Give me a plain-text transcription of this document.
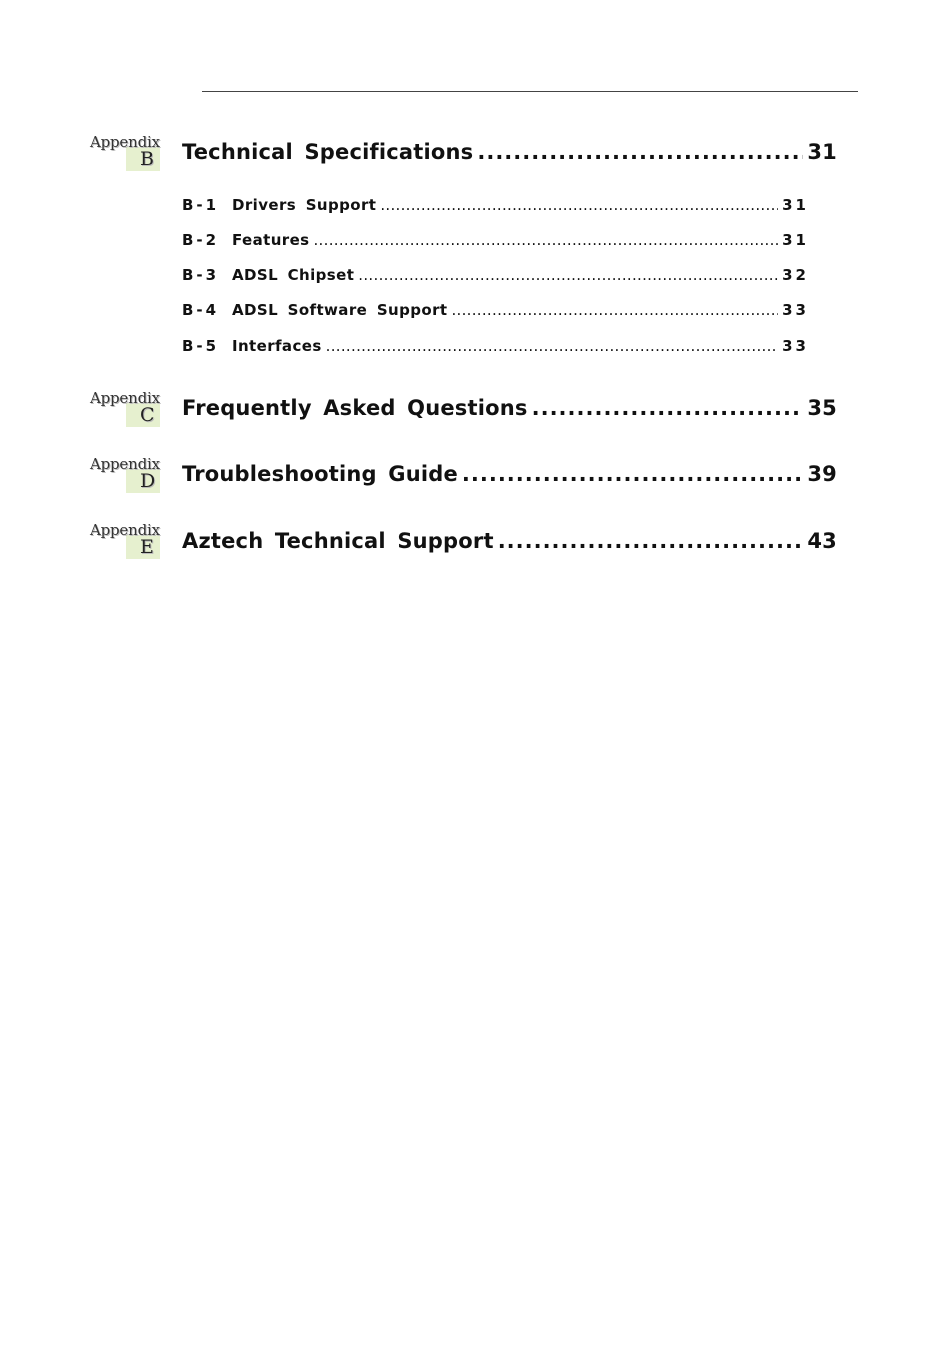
Appendix
B Technical Specifications .....	31
B-1 Drivers Support .....	31
B-2 Features .....	31
B-3 ADSL Chipset .....	32
B-4 ADSL Software Support .....	33
B-5 Interfaces .....	33
Appendix
C Frequently Asked Questions .....	35
Appendix
D Troubleshooting Guide .....	39
Appendix
E Aztech Technical Support .....	43
